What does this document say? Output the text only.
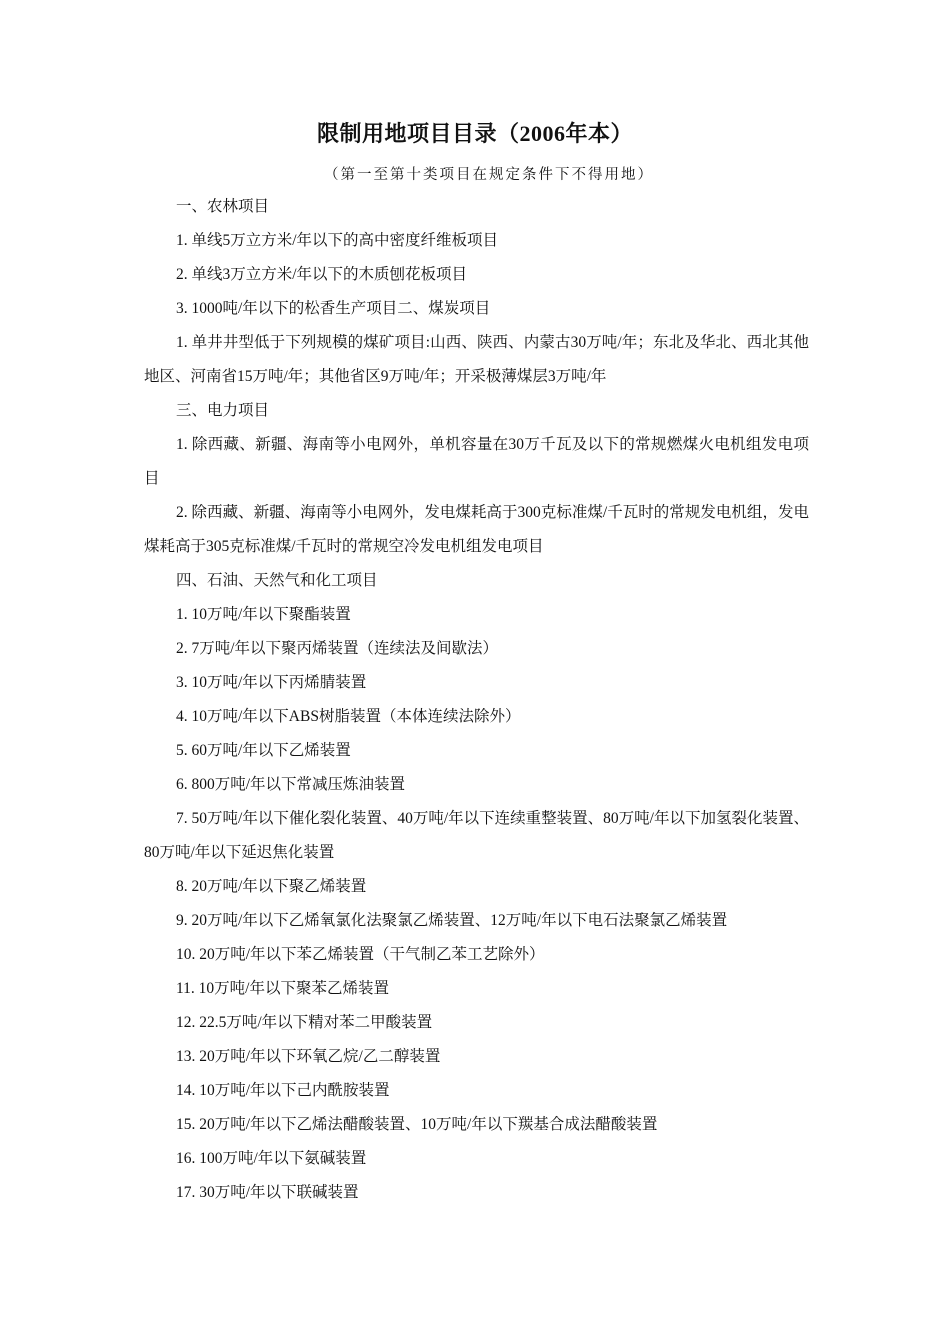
限制用地项目目录（2006年本）
（第一至第十类项目在规定条件下不得用地）

一、农林项目

1. 单线5万立方米/年以下的高中密度纤维板项目

2. 单线3万立方米/年以下的木质刨花板项目

3. 1000吨/年以下的松香生产项目二、煤炭项目

1. 单井井型低于下列规模的煤矿项目:山西、陕西、内蒙古30万吨/年；东北及华北、西北其他地区、河南省15万吨/年；其他省区9万吨/年；开采极薄煤层3万吨/年

三、电力项目

1. 除西藏、新疆、海南等小电网外，单机容量在30万千瓦及以下的常规燃煤火电机组发电项目

2. 除西藏、新疆、海南等小电网外，发电煤耗高于300克标准煤/千瓦时的常规发电机组，发电煤耗高于305克标准煤/千瓦时的常规空冷发电机组发电项目

四、石油、天然气和化工项目

1. 10万吨/年以下聚酯装置

2. 7万吨/年以下聚丙烯装置（连续法及间歇法）

3. 10万吨/年以下丙烯腈装置

4. 10万吨/年以下ABS树脂装置（本体连续法除外）

5. 60万吨/年以下乙烯装置

6. 800万吨/年以下常减压炼油装置

7. 50万吨/年以下催化裂化装置、40万吨/年以下连续重整装置、80万吨/年以下加氢裂化装置、80万吨/年以下延迟焦化装置

8. 20万吨/年以下聚乙烯装置

9. 20万吨/年以下乙烯氧氯化法聚氯乙烯装置、12万吨/年以下电石法聚氯乙烯装置

10. 20万吨/年以下苯乙烯装置（干气制乙苯工艺除外）

11. 10万吨/年以下聚苯乙烯装置

12. 22.5万吨/年以下精对苯二甲酸装置

13. 20万吨/年以下环氧乙烷/乙二醇装置

14. 10万吨/年以下己内酰胺装置

15. 20万吨/年以下乙烯法醋酸装置、10万吨/年以下羰基合成法醋酸装置

16. 100万吨/年以下氨碱装置

17. 30万吨/年以下联碱装置
